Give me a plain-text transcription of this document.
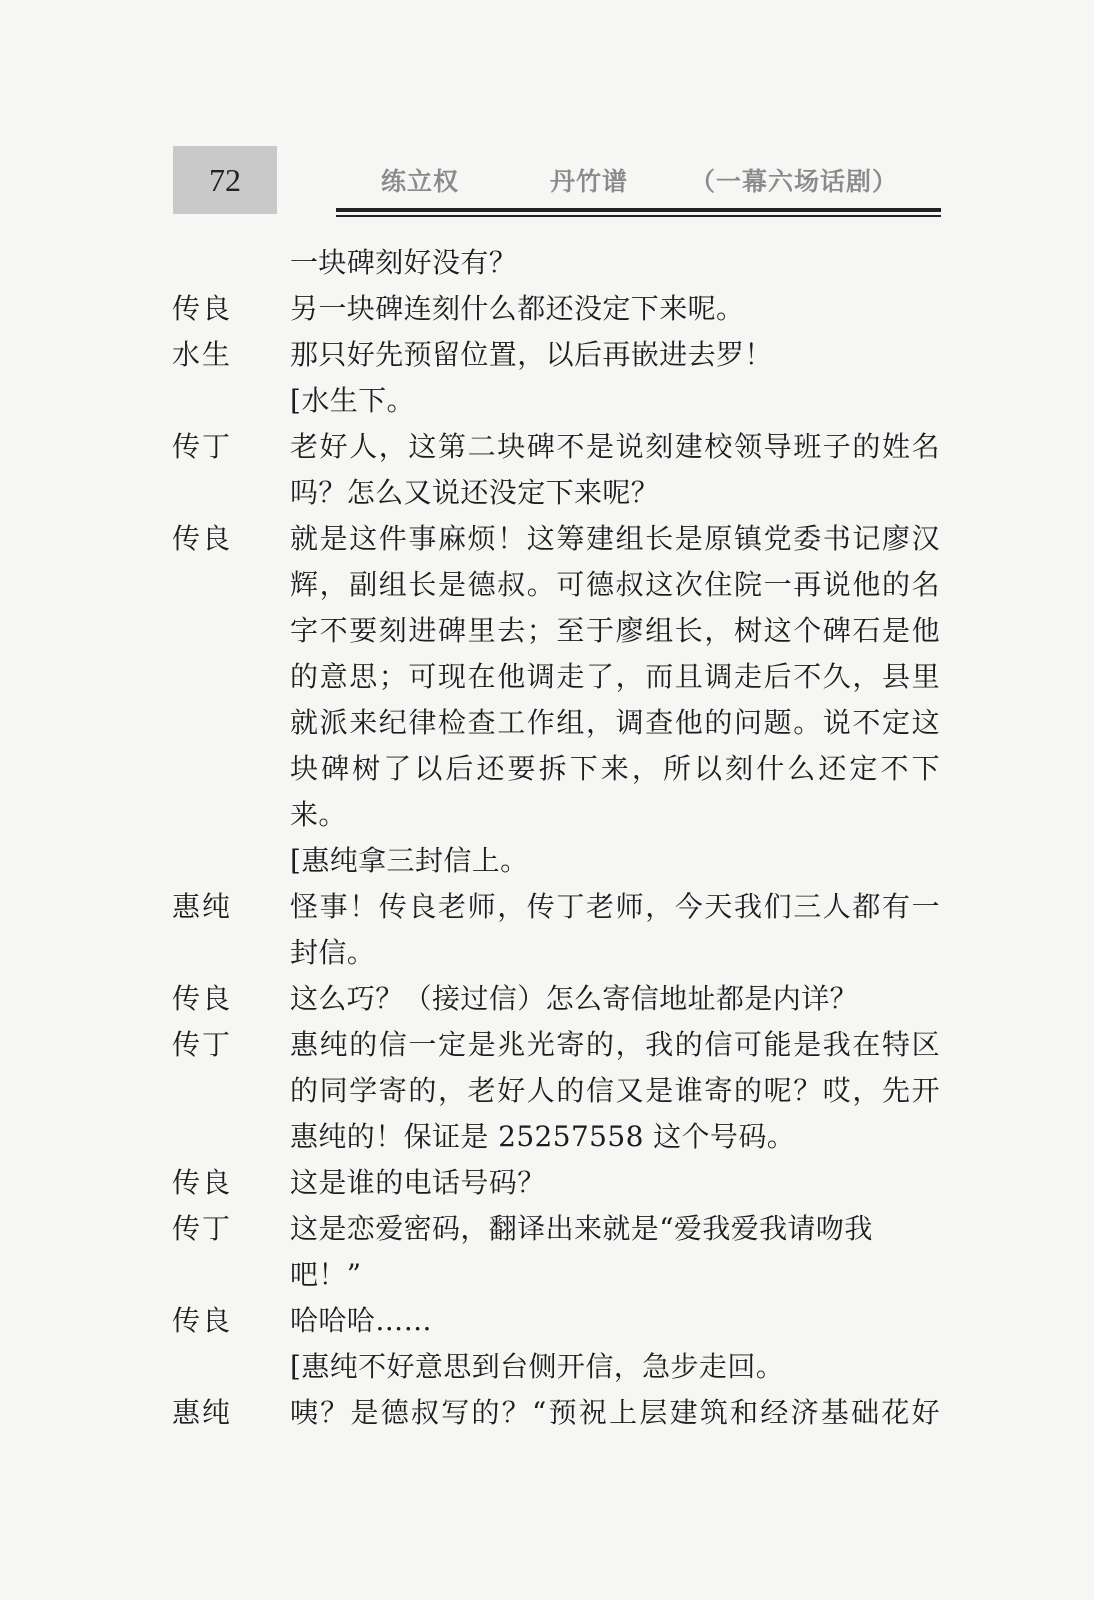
72	练立权	丹竹谱 （一幕六场话剧）
一块碑刻好没有？
传良 另一块碑连刻什么都还没定下来呢。
水生 那只好先预留位置，以后再嵌进去罗！
[水生下。
传丁 老好人，这第二块碑不是说刻建校领导班子的姓名
吗？怎么又说还没定下来呢？
传良 就是这件事麻烦！这筹建组长是原镇党委书记廖汉
辉，副组长是德叔。可德叔这次住院一再说他的名
字不要刻进碑里去；至于廖组长，树这个碑石是他
的意思；可现在他调走了，而且调走后不久，县里
就派来纪律检查工作组，调查他的问题。说不定这
块碑树了以后还要拆下来，所以刻什么还定不下
来。
[惠纯拿三封信上。
惠纯 怪事！传良老师，传丁老师，今天我们三人都有一
封信。
传良 这么巧？（接过信）怎么寄信地址都是内详？
传丁 惠纯的信一定是兆光寄的，我的信可能是我在特区
的同学寄的，老好人的信又是谁寄的呢？哎，先开
惠纯的！保证是 25257558 这个号码。
传良 这是谁的电话号码？
传丁 这是恋爱密码，翻译出来就是“爱我爱我请吻我
吧！”
传良 哈哈哈……
[惠纯不好意思到台侧开信，急步走回。
惠纯 咦？是德叔写的？“预祝上层建筑和经济基础花好
